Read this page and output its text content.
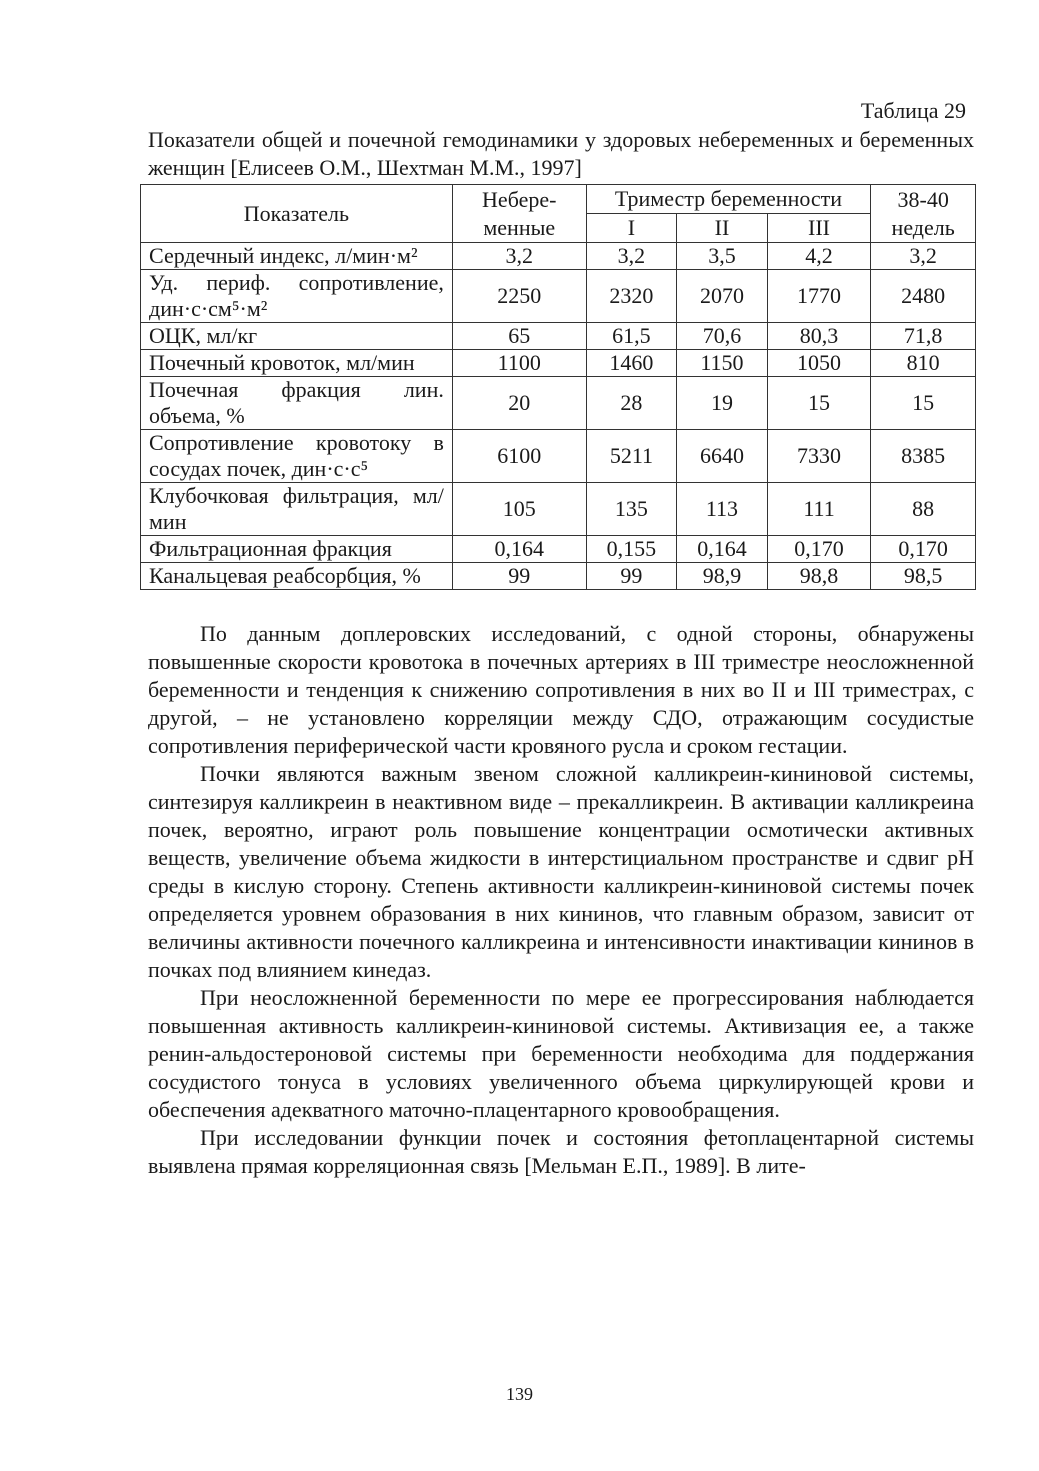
Таблица 29

Показатели общей и почечной гемодинамики у здоровых небеременных и беременных женщин [Елисеев О.М., Шехтман М.М., 1997]

Показатель	Небере-менные	Триместр беременности			38-40 недель
		I	II	III	
Сердечный индекс, л/мин·м²	3,2	3,2	3,5	4,2	3,2
Уд. периф. сопротивление, дин·с·см⁵·м²	2250	2320	2070	1770	2480
ОЦК, мл/кг	65	61,5	70,6	80,3	71,8
Почечный кровоток, мл/мин	1100	1460	1150	1050	810
Почечная фракция лин. объема, %	20	28	19	15	15
Сопротивление кровотоку в сосудах почек, дин·с·с⁵	6100	5211	6640	7330	8385
Клубочковая фильтрация, мл/мин	105	135	113	111	88
Фильтрационная фракция	0,164	0,155	0,164	0,170	0,170
Канальцевая реабсорбция, %	99	99	98,9	98,8	98,5

По данным доплеровских исследований, с одной стороны, обнаружены повышенные скорости кровотока в почечных артериях в III триместре неосложненной беременности и тенденция к снижению сопротивления в них во II и III триместрах, с другой, – не установлено корреляции между СДО, отражающим сосудистые сопротивления периферической части кровяного русла и сроком гестации.

Почки являются важным звеном сложной калликреин-кининовой системы, синтезируя калликреин в неактивном виде – прекалликреин. В активации калликреина почек, вероятно, играют роль повышение концентрации осмотически активных веществ, увеличение объема жидкости в интерстициальном пространстве и сдвиг pH среды в кислую сторону. Степень активности калликреин-кининовой системы почек определяется уровнем образования в них кининов, что главным образом, зависит от величины активности почечного калликреина и интенсивности инактивации кининов в почках под влиянием кинедаз.

При неосложненной беременности по мере ее прогрессирования наблюдается повышенная активность калликреин-кининовой системы. Активизация ее, а также ренин-альдостероновой системы при беременности необходима для поддержания сосудистого тонуса в условиях увеличенного объема циркулирующей крови и обеспечения адекватного маточно-плацентарного кровообращения.

При исследовании функции почек и состояния фетоплацентарной системы выявлена прямая корреляционная связь [Мельман Е.П., 1989]. В лите-

139
